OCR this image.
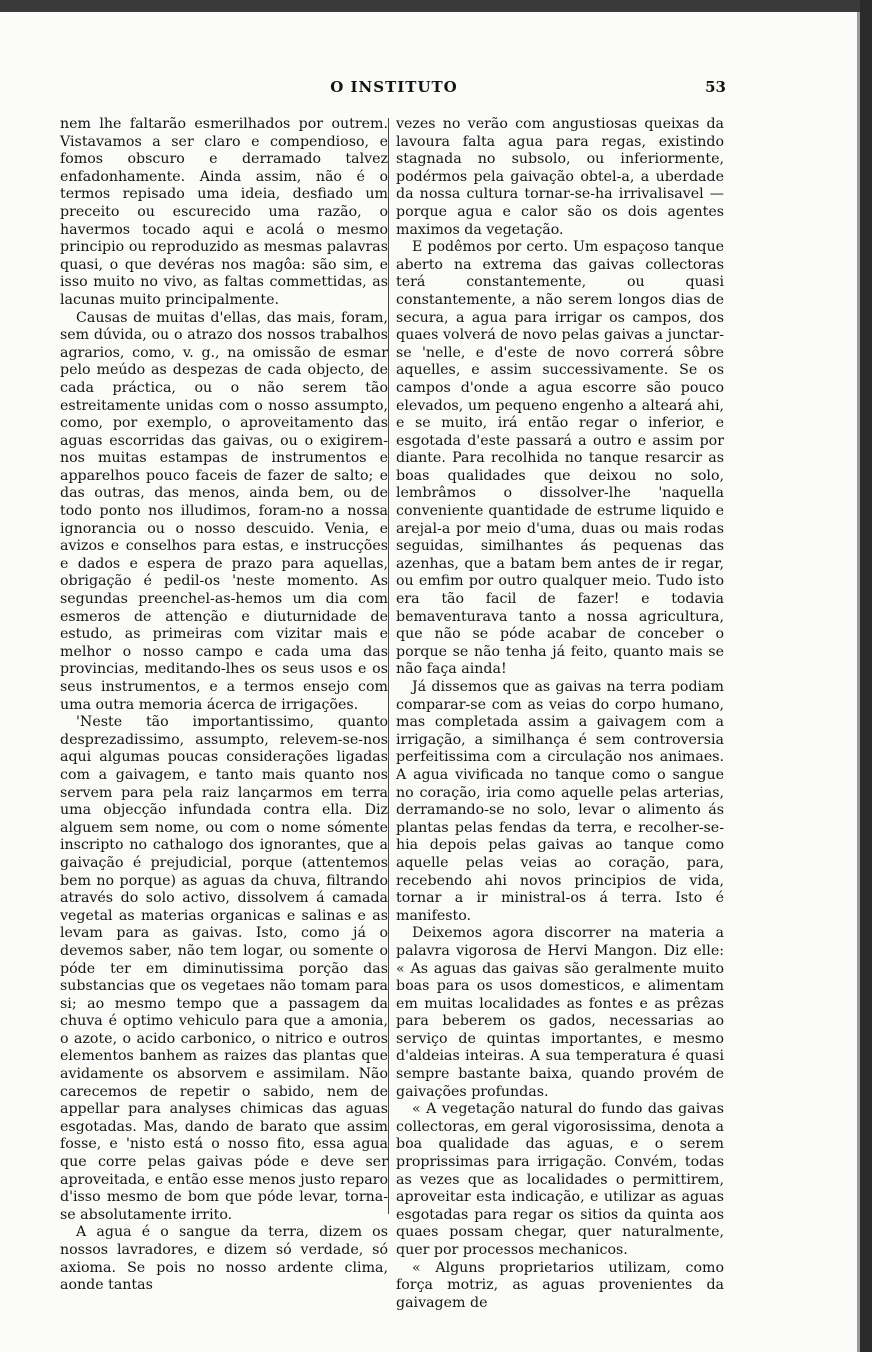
O INSTITUTO	53

nem lhe faltarão esmerilhados por outrem. Vistavamos a ser claro e compendioso, e fomos obscuro e derramado talvez enfadonhamente. Ainda assim, não é o termos repisado uma ideia, desfiado um preceito ou escurecido uma razão, o havermos tocado aqui e acolá o mesmo principio ou reproduzido as mesmas palavras quasi, o que devéras nos magôa: são sim, e isso muito no vivo, as faltas commettidas, as lacunas muito principalmente.

Causas de muitas d'ellas, das mais, foram, sem dúvida, ou o atrazo dos nossos trabalhos agrarios, como, v. g., na omissão de esmar pelo meúdo as despezas de cada objecto, de cada práctica, ou o não serem tão estreitamente unidas com o nosso assumpto, como, por exemplo, o aproveitamento das aguas escorridas das gaivas, ou o exigirem-nos muitas estampas de instrumentos e apparelhos pouco faceis de fazer de salto; e das outras, das menos, ainda bem, ou de todo ponto nos illudimos, foram-no a nossa ignorancia ou o nosso descuido. Venia, e avizos e conselhos para estas, e instrucções e dados e espera de prazo para aquellas, obrigação é pedil-os 'neste momento. As segundas preenchel-as-hemos um dia com esmeros de attenção e diuturnidade de estudo, as primeiras com vizitar mais e melhor o nosso campo e cada uma das provincias, meditando-lhes os seus usos e os seus instrumentos, e a termos ensejo com uma outra memoria ácerca de irrigações.

'Neste tão importantissimo, quanto desprezadissimo, assumpto, relevem-se-nos aqui algumas poucas considerações ligadas com a gaivagem, e tanto mais quanto nos servem para pela raiz lançarmos em terra uma objecção infundada contra ella. Diz alguem sem nome, ou com o nome sómente inscripto no cathalogo dos ignorantes, que a gaivação é prejudicial, porque (attentemos bem no porque) as aguas da chuva, filtrando através do solo activo, dissolvem á camada vegetal as materias organicas e salinas e as levam para as gaivas. Isto, como já o devemos saber, não tem logar, ou somente o póde ter em diminutissima porção das substancias que os vegetaes não tomam para si; ao mesmo tempo que a passagem da chuva é optimo vehiculo para que a amonia, o azote, o acido carbonico, o nitrico e outros elementos banhem as raizes das plantas que avidamente os absorvem e assimilam. Não carecemos de repetir o sabido, nem de appellar para analyses chimicas das aguas esgotadas. Mas, dando de barato que assim fosse, e 'nisto está o nosso fito, essa agua que corre pelas gaivas póde e deve ser aproveitada, e então esse menos justo reparo d'isso mesmo de bom que póde levar, torna-se absolutamente irrito.

A agua é o sangue da terra, dizem os nossos lavradores, e dizem só verdade, só axioma. Se pois no nosso ardente clima, aonde tantas

vezes no verão com angustiosas queixas da lavoura falta agua para regas, existindo stagnada no subsolo, ou inferiormente, podérmos pela gaivação obtel-a, a uberdade da nossa cultura tornar-se-ha irrivalisavel — porque agua e calor são os dois agentes maximos da vegetação.

E podêmos por certo. Um espaçoso tanque aberto na extrema das gaivas collectoras terá constantemente, ou quasi constantemente, a não serem longos dias de secura, a agua para irrigar os campos, dos quaes volverá de novo pelas gaivas a junctar-se 'nelle, e d'este de novo correrá sôbre aquelles, e assim successivamente. Se os campos d'onde a agua escorre são pouco elevados, um pequeno engenho a alteará ahi, e se muito, irá então regar o inferior, e esgotada d'este passará a outro e assim por diante. Para recolhida no tanque resarcir as boas qualidades que deixou no solo, lembrâmos o dissolver-lhe 'naquella conveniente quantidade de estrume liquido e arejal-a por meio d'uma, duas ou mais rodas seguidas, similhantes ás pequenas das azenhas, que a batam bem antes de ir regar, ou emfim por outro qualquer meio. Tudo isto era tão facil de fazer! e todavia bemaventurava tanto a nossa agricultura, que não se póde acabar de conceber o porque se não tenha já feito, quanto mais se não faça ainda!

Já dissemos que as gaivas na terra podiam comparar-se com as veias do corpo humano, mas completada assim a gaivagem com a irrigação, a similhança é sem controversia perfeitissima com a circulação nos animaes. A agua vivificada no tanque como o sangue no coração, iria como aquelle pelas arterias, derramando-se no solo, levar o alimento ás plantas pelas fendas da terra, e recolher-se-hia depois pelas gaivas ao tanque como aquelle pelas veias ao coração, para, recebendo ahi novos principios de vida, tornar a ir ministral-os á terra. Isto é manifesto.

Deixemos agora discorrer na materia a palavra vigorosa de Hervi Mangon. Diz elle: « As aguas das gaivas são geralmente muito boas para os usos domesticos, e alimentam em muitas localidades as fontes e as prêzas para beberem os gados, necessarias ao serviço de quintas importantes, e mesmo d'aldeias inteiras. A sua temperatura é quasi sempre bastante baixa, quando provém de gaivações profundas.

« A vegetação natural do fundo das gaivas collectoras, em geral vigorosissima, denota a boa qualidade das aguas, e o serem proprissimas para irrigação. Convém, todas as vezes que as localidades o permittirem, aproveitar esta indicação, e utilizar as aguas esgotadas para regar os sitios da quinta aos quaes possam chegar, quer naturalmente, quer por processos mechanicos.

« Alguns proprietarios utilizam, como força motriz, as aguas provenientes da gaivagem de
